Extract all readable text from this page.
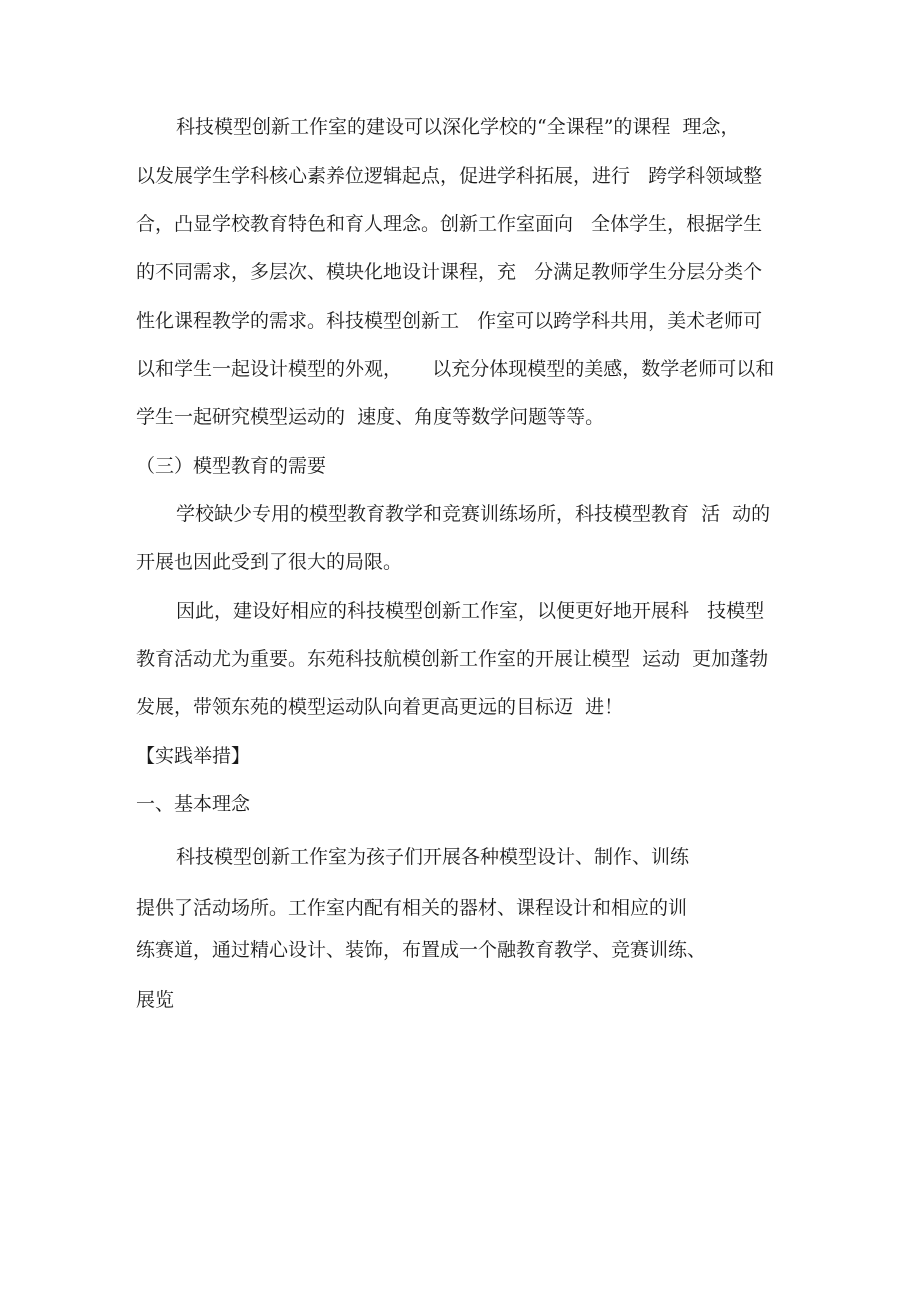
科技模型创新工作室的建设可以深化学校的“全课程”的课程  理念，
以发展学生学科核心素养位逻辑起点，促进学科拓展，进行   跨学科领域整
合，凸显学校教育特色和育人理念。创新工作室面向   全体学生，根据学生
的不同需求，多层次、模块化地设计课程，充   分满足教师学生分层分类个
性化课程教学的需求。科技模型创新工   作室可以跨学科共用，美术老师可
以和学生一起设计模型的外观，     以充分体现模型的美感，数学老师可以和
学生一起研究模型运动的  速度、角度等数学问题等等。
（三）模型教育的需要
学校缺少专用的模型教育教学和竞赛训练场所，科技模型教育  活  动的
开展也因此受到了很大的局限。
因此，建设好相应的科技模型创新工作室，以便更好地开展科   技模型
教育活动尤为重要。东苑科技航模创新工作室的开展让模型  运动  更加蓬勃
发展，带领东苑的模型运动队向着更高更远的目标迈  进！
【实践举措】
一、基本理念
科技模型创新工作室为孩子们开展各种模型设计、制作、训练
提供了活动场所。工作室内配有相关的器材、课程设计和相应的训
练赛道，通过精心设计、装饰，布置成一个融教育教学、竞赛训练、
展览
